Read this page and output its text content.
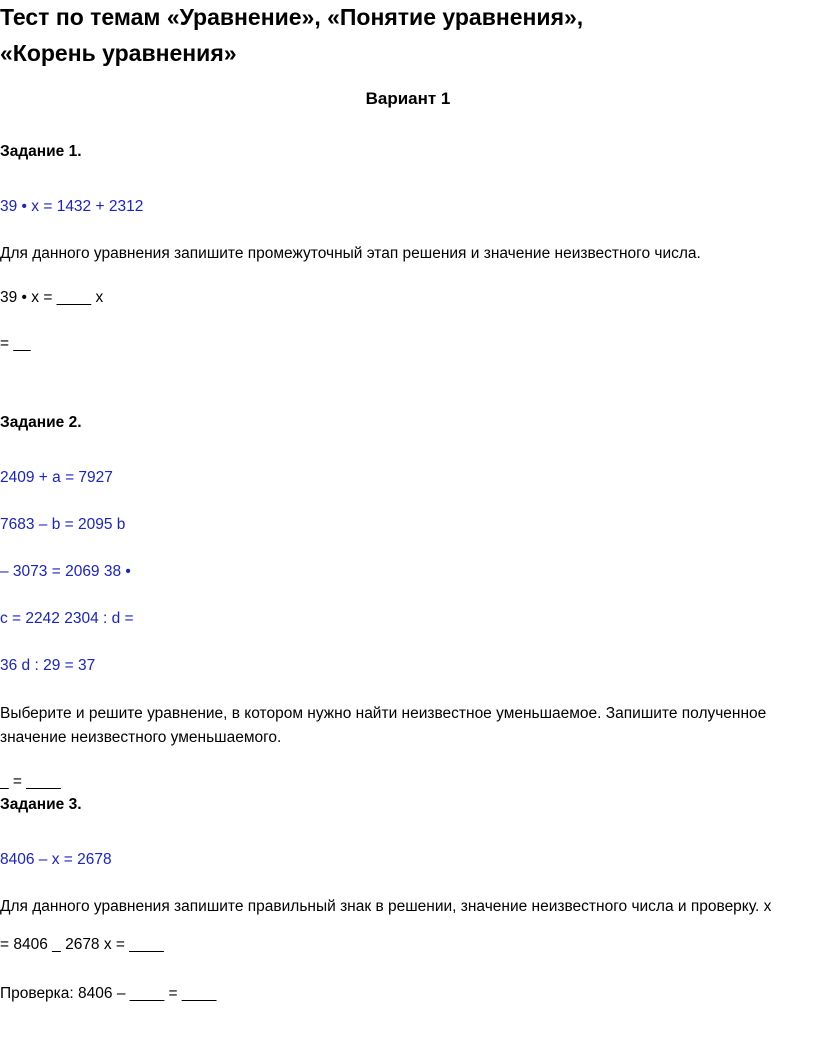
Тест по темам «Уравнение», «Понятие уравнения»,
«Корень уравнения»

Вариант 1

Задание 1.

39 • x = 1432 + 2312

Для данного уравнения запишите промежуточный этап решения и значение неизвестного числа.

39 • x = ____ x

= __

Задание 2.

2409 + a = 7927

7683 – b = 2095 b

– 3073 = 2069 38 •

c = 2242 2304 : d =

36 d : 29 = 37

Выберите и решите уравнение, в котором нужно найти неизвестное уменьшаемое. Запишите полученное значение неизвестного уменьшаемого.

_ = ____

Задание 3.

8406 – x = 2678

Для данного уравнения запишите правильный знак в решении, значение неизвестного числа и проверку. x

= 8406 _ 2678 x = ____

Проверка: 8406 – ____ = ____
